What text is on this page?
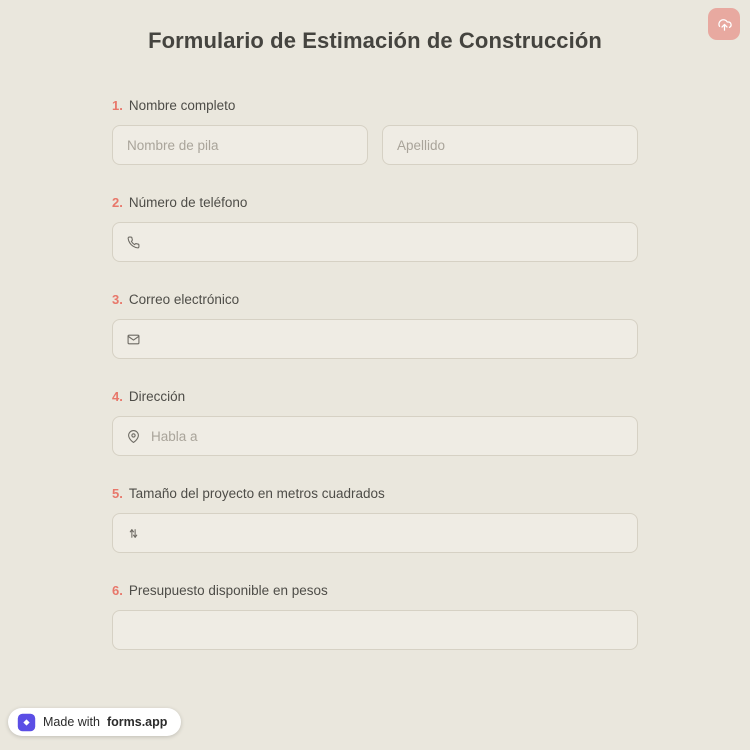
Formulario de Estimación de Construcción
1. Nombre completo
Nombre de pila
Apellido
2. Número de teléfono
3. Correo electrónico
4. Dirección
Habla a
5. Tamaño del proyecto en metros cuadrados
6. Presupuesto disponible en pesos
Made with forms.app
